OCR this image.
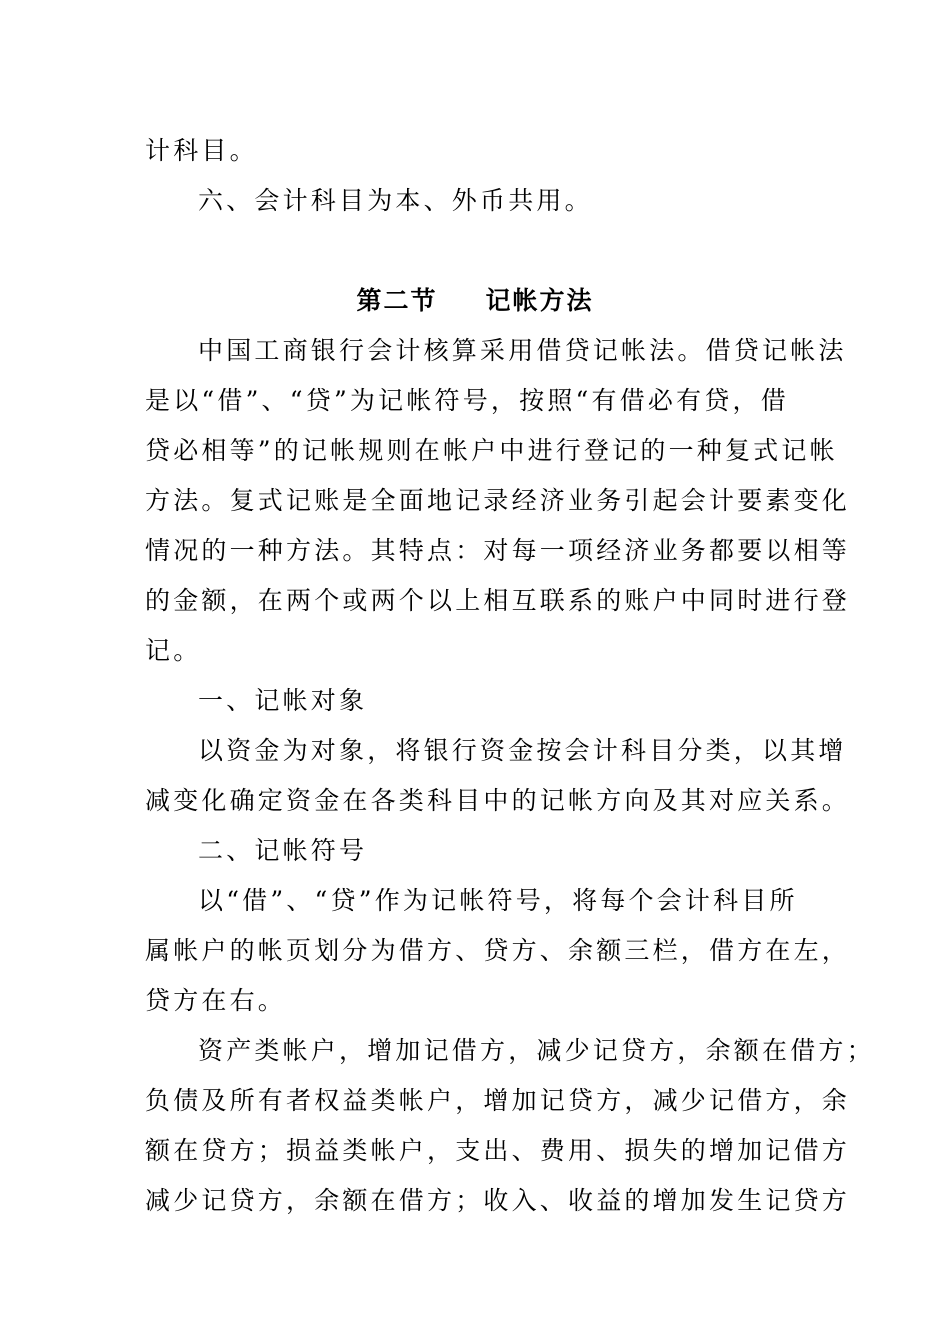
计科目。
六、会计科目为本、外币共用。
第二节 记帐方法
中国工商银行会计核算采用借贷记帐法。借贷记帐法
是以“借”、“贷”为记帐符号，按照“有借必有贷，借
贷必相等”的记帐规则在帐户中进行登记的一种复式记帐
方法。复式记账是全面地记录经济业务引起会计要素变化
情况的一种方法。其特点：对每一项经济业务都要以相等
的金额，在两个或两个以上相互联系的账户中同时进行登
记。
一、记帐对象
以资金为对象，将银行资金按会计科目分类，以其增
减变化确定资金在各类科目中的记帐方向及其对应关系。
二、记帐符号
以“借”、“贷”作为记帐符号，将每个会计科目所
属帐户的帐页划分为借方、贷方、余额三栏，借方在左，
贷方在右。
资产类帐户，增加记借方，减少记贷方，余额在借方；
负债及所有者权益类帐户，增加记贷方，减少记借方，余
额在贷方；损益类帐户，支出、费用、损失的增加记借方
减少记贷方，余额在借方；收入、收益的增加发生记贷方
